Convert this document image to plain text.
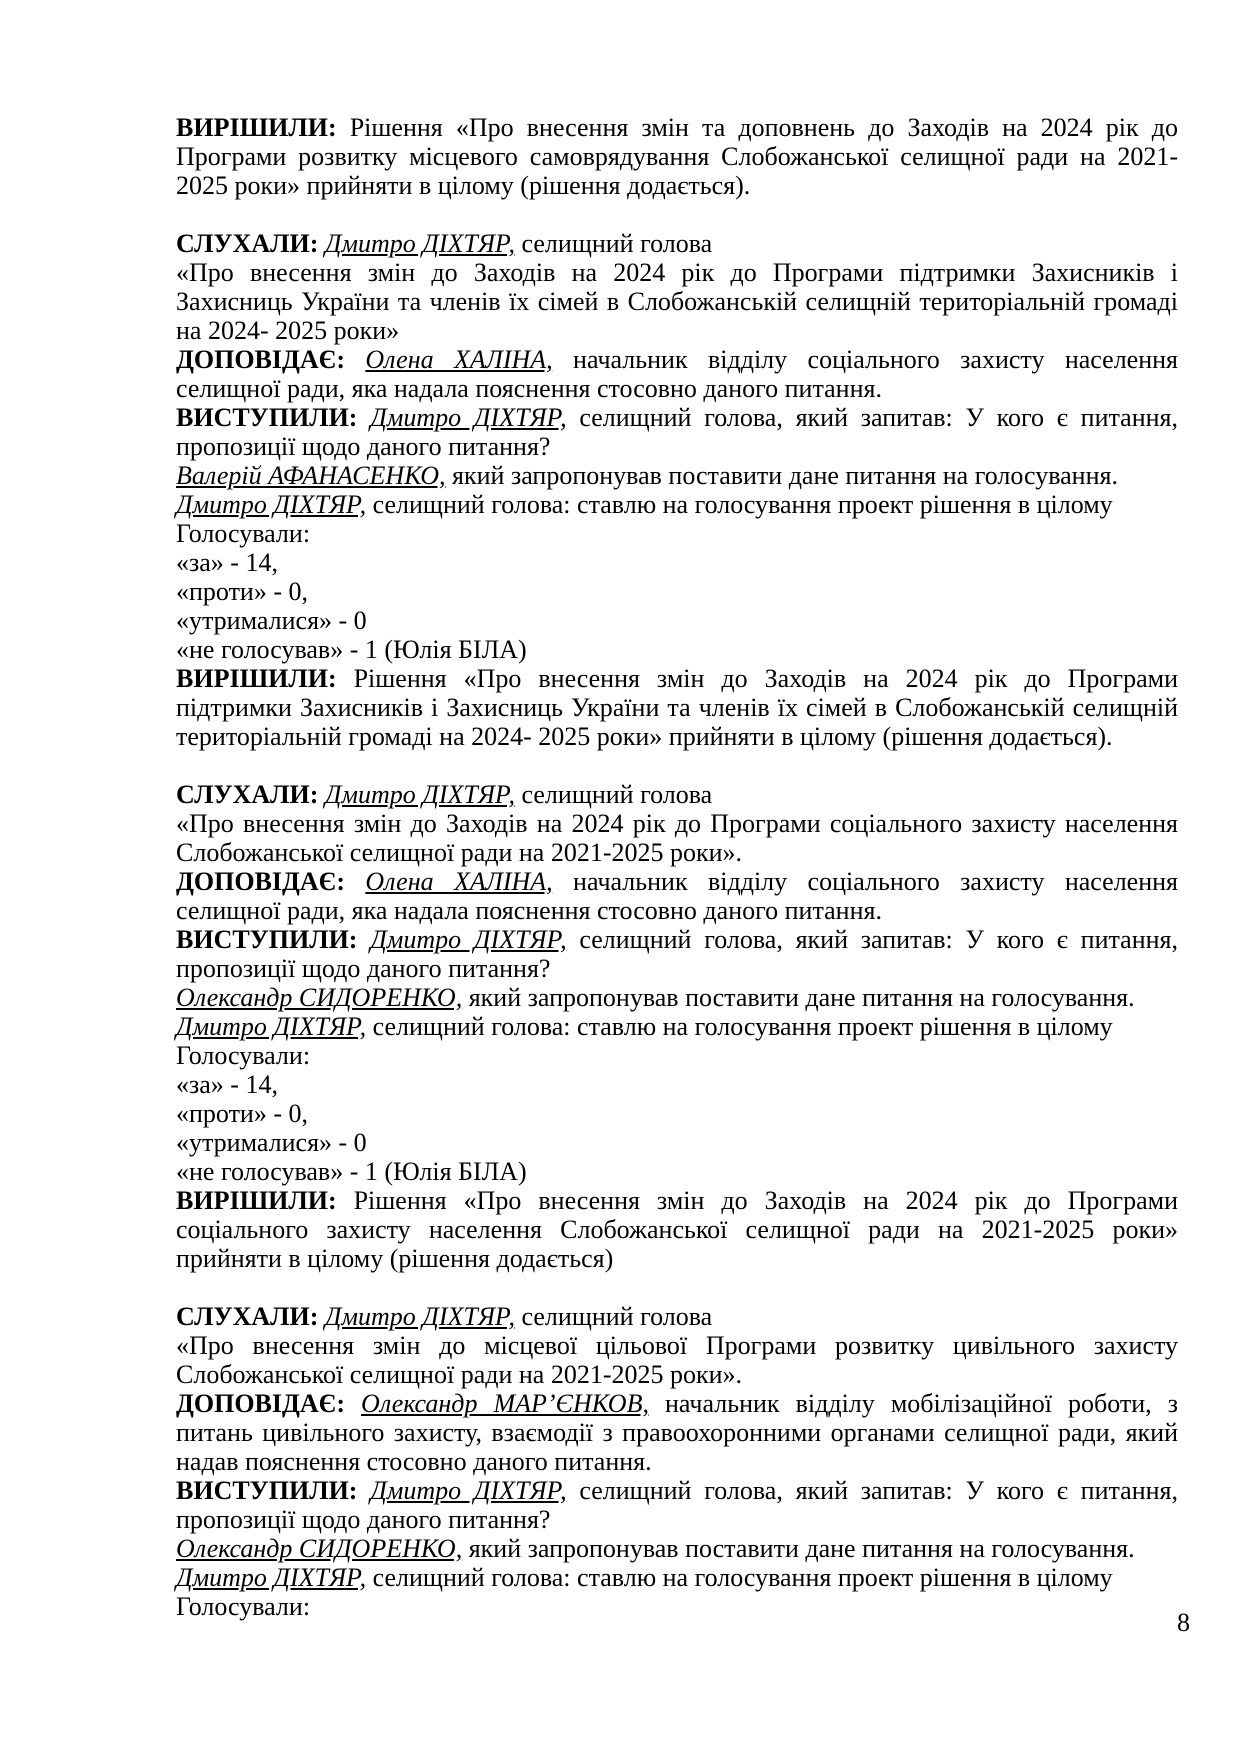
ВИРІШИЛИ: Рішення «Про внесення змін та доповнень до Заходів на 2024 рік до Програми розвитку місцевого самоврядування Слобожанської селищної ради на 2021-2025 роки» прийняти в цілому (рішення додається).

СЛУХАЛИ: Дмитро ДІХТЯР, селищний голова

«Про внесення змін до Заходів на 2024 рік до Програми підтримки Захисників і Захисниць України та членів їх сімей в Слобожанській селищній територіальній громаді на 2024- 2025 роки»

ДОПОВІДАЄ: Олена ХАЛІНА, начальник відділу соціального захисту населення селищної ради, яка надала пояснення стосовно даного питання.

ВИСТУПИЛИ: Дмитро ДІХТЯР, селищний голова, який запитав: У кого є питання, пропозиції щодо даного питання?

Валерій АФАНАСЕНКО, який запропонував поставити дане питання на голосування.

Дмитро ДІХТЯР, селищний голова: ставлю на голосування проект рішення в цілому

Голосували:

«за» - 14,

«проти» - 0,

«утрималися» - 0

«не голосував» - 1 (Юлія БІЛА)

ВИРІШИЛИ: Рішення «Про внесення змін до Заходів на 2024 рік до Програми підтримки Захисників і Захисниць України та членів їх сімей в Слобожанській селищній територіальній громаді на 2024- 2025 роки» прийняти в цілому (рішення додається).

СЛУХАЛИ: Дмитро ДІХТЯР, селищний голова

«Про внесення змін до Заходів на 2024 рік до Програми соціального захисту населення Слобожанської селищної ради на 2021-2025 роки».

ДОПОВІДАЄ: Олена ХАЛІНА, начальник відділу соціального захисту населення селищної ради, яка надала пояснення стосовно даного питання.

ВИСТУПИЛИ: Дмитро ДІХТЯР, селищний голова, який запитав: У кого є питання, пропозиції щодо даного питання?

Олександр СИДОРЕНКО, який запропонував поставити дане питання на голосування.

Дмитро ДІХТЯР, селищний голова: ставлю на голосування проект рішення в цілому

Голосували:

«за» - 14,

«проти» - 0,

«утрималися» - 0

«не голосував» - 1 (Юлія БІЛА)

ВИРІШИЛИ: Рішення «Про внесення змін до Заходів на 2024 рік до Програми соціального захисту населення Слобожанської селищної ради на 2021-2025 роки» прийняти в цілому (рішення додається)

СЛУХАЛИ: Дмитро ДІХТЯР, селищний голова

«Про внесення змін до місцевої цільової Програми розвитку цивільного захисту Слобожанської селищної ради на 2021-2025 роки».

ДОПОВІДАЄ: Олександр МАР’ЄНКОВ, начальник відділу мобілізаційної роботи, з питань цивільного захисту, взаємодії з правоохоронними органами селищної ради, який надав пояснення стосовно даного питання.

ВИСТУПИЛИ: Дмитро ДІХТЯР, селищний голова, який запитав: У кого є питання, пропозиції щодо даного питання?

Олександр СИДОРЕНКО, який запропонував поставити дане питання на голосування.

Дмитро ДІХТЯР, селищний голова: ставлю на голосування проект рішення в цілому

Голосували:

8
